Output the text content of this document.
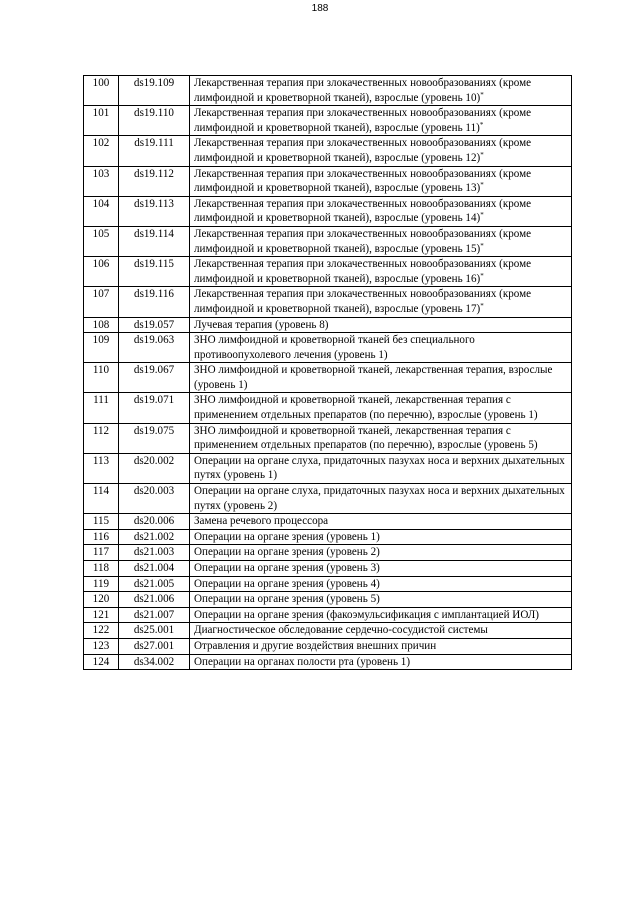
188
100	ds19.109	Лекарственная терапия при злокачественных новообразованиях (кроме лимфоидной и кроветворной тканей), взрослые (уровень 10)*
101	ds19.110	Лекарственная терапия при злокачественных новообразованиях (кроме лимфоидной и кроветворной тканей), взрослые (уровень 11)*
102	ds19.111	Лекарственная терапия при злокачественных новообразованиях (кроме лимфоидной и кроветворной тканей), взрослые (уровень 12)*
103	ds19.112	Лекарственная терапия при злокачественных новообразованиях (кроме лимфоидной и кроветворной тканей), взрослые (уровень 13)*
104	ds19.113	Лекарственная терапия при злокачественных новообразованиях (кроме лимфоидной и кроветворной тканей), взрослые (уровень 14)*
105	ds19.114	Лекарственная терапия при злокачественных новообразованиях (кроме лимфоидной и кроветворной тканей), взрослые (уровень 15)*
106	ds19.115	Лекарственная терапия при злокачественных новообразованиях (кроме лимфоидной и кроветворной тканей), взрослые (уровень 16)*
107	ds19.116	Лекарственная терапия при злокачественных новообразованиях (кроме лимфоидной и кроветворной тканей), взрослые (уровень 17)*
108	ds19.057	Лучевая терапия (уровень 8)
109	ds19.063	ЗНО лимфоидной и кроветворной тканей без специального противоопухолевого лечения (уровень 1)
110	ds19.067	ЗНО лимфоидной и кроветворной тканей, лекарственная терапия, взрослые (уровень 1)
111	ds19.071	ЗНО лимфоидной и кроветворной тканей, лекарственная терапия с применением отдельных препаратов (по перечню), взрослые (уровень 1)
112	ds19.075	ЗНО лимфоидной и кроветворной тканей, лекарственная терапия с применением отдельных препаратов (по перечню), взрослые (уровень 5)
113	ds20.002	Операции на органе слуха, придаточных пазухах носа и верхних дыхательных путях (уровень 1)
114	ds20.003	Операции на органе слуха, придаточных пазухах носа и верхних дыхательных путях (уровень 2)
115	ds20.006	Замена речевого процессора
116	ds21.002	Операции на органе зрения (уровень 1)
117	ds21.003	Операции на органе зрения (уровень 2)
118	ds21.004	Операции на органе зрения (уровень 3)
119	ds21.005	Операции на органе зрения (уровень 4)
120	ds21.006	Операции на органе зрения (уровень 5)
121	ds21.007	Операции на органе зрения (факоэмульсификация с имплантацией ИОЛ)
122	ds25.001	Диагностическое обследование сердечно-сосудистой системы
123	ds27.001	Отравления и другие воздействия внешних причин
124	ds34.002	Операции на органах полости рта (уровень 1)
